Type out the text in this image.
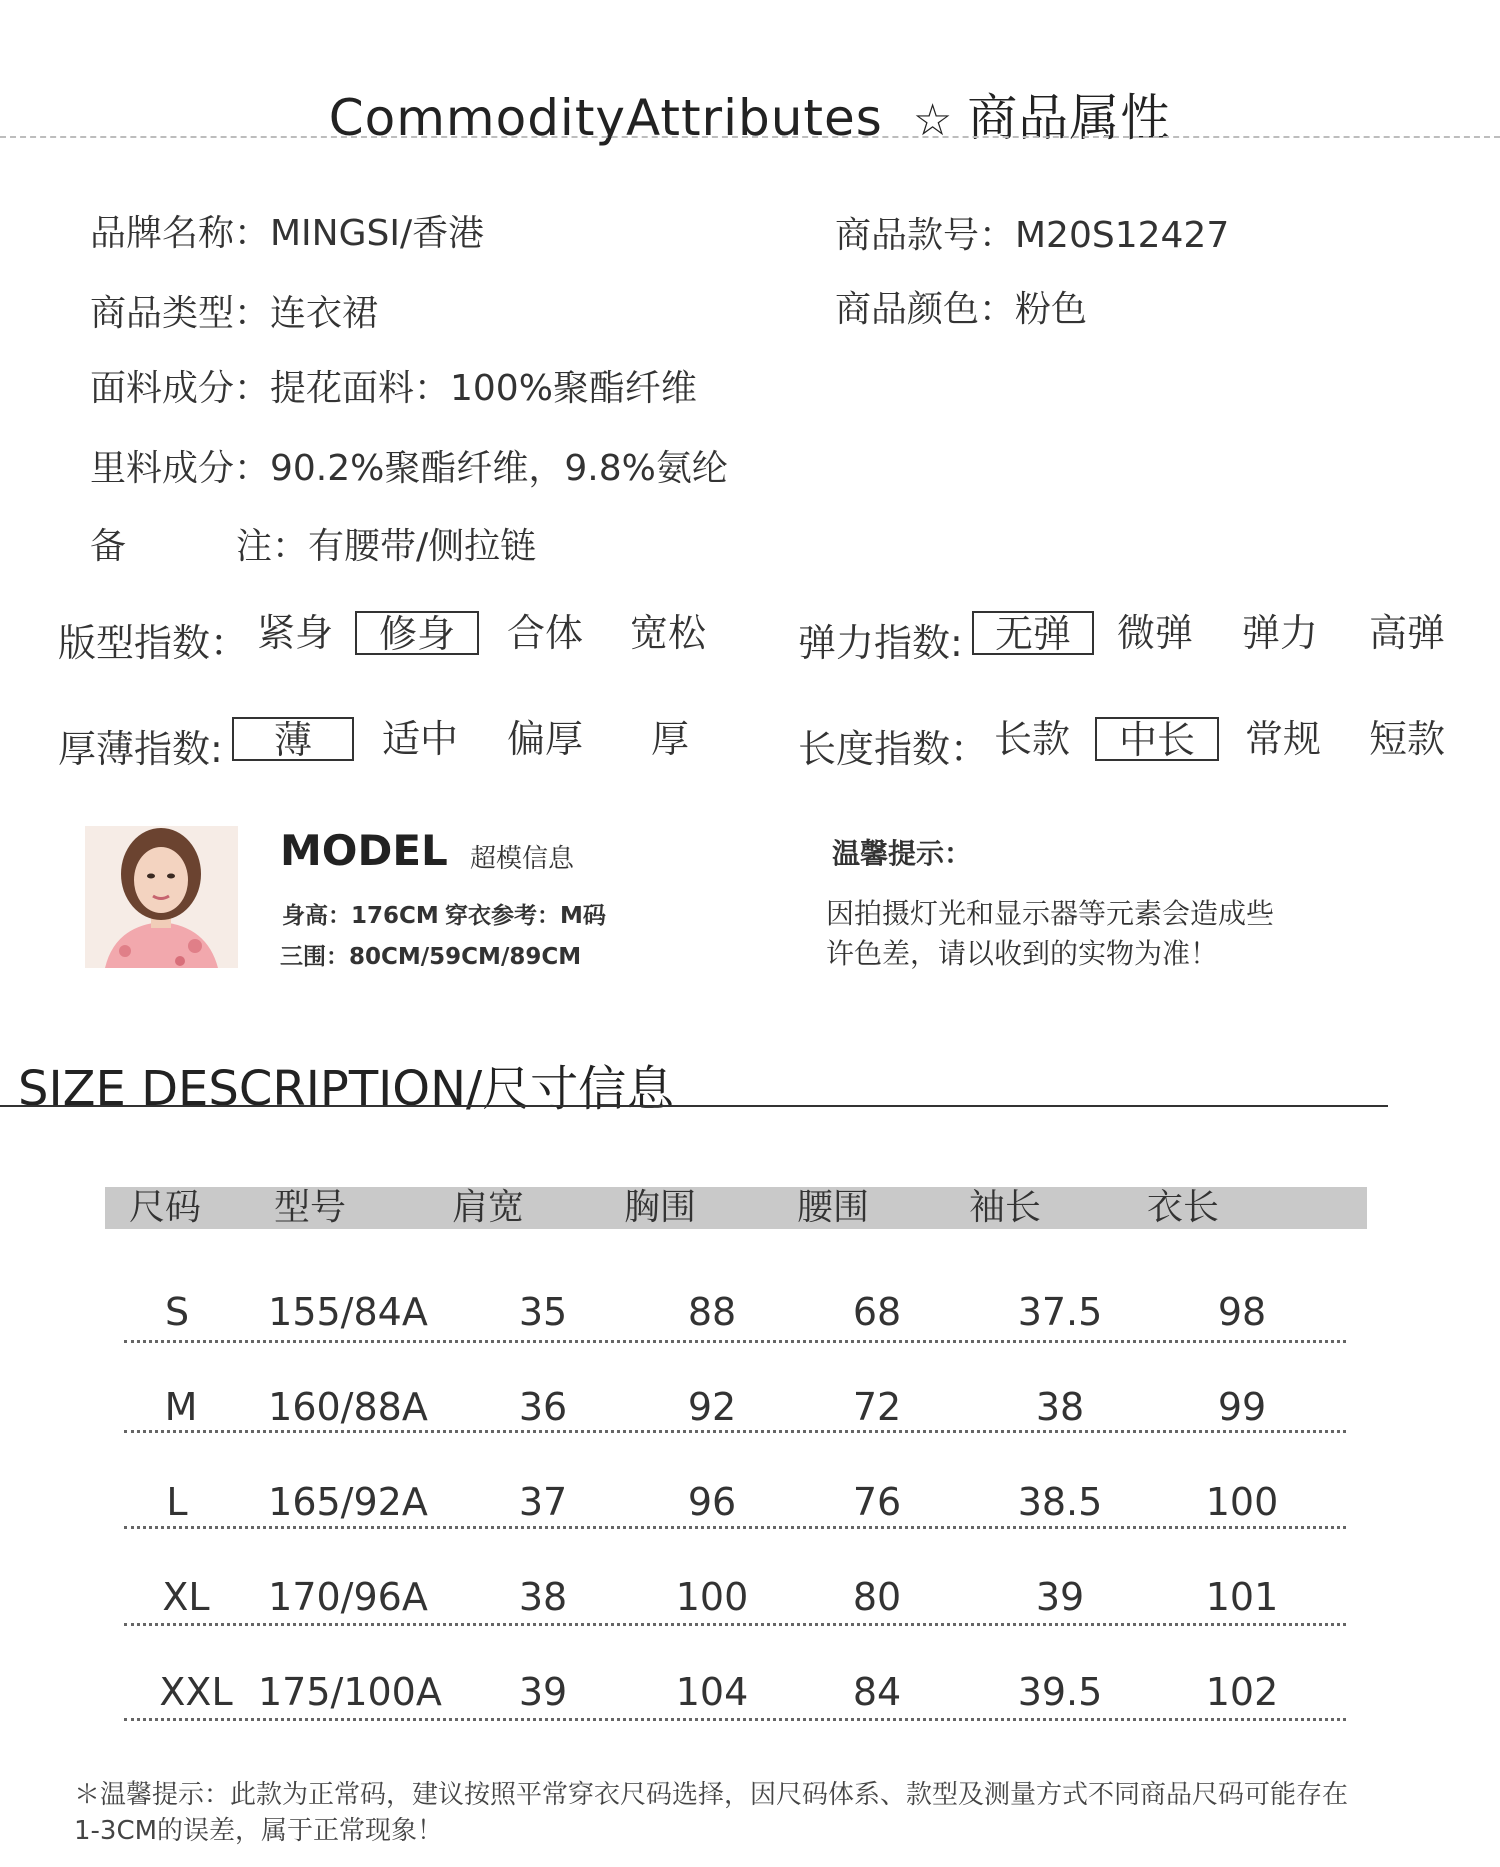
CommodityAttributes ☆ 商品属性
品牌名称：MINGSI/香港	商品款号：M20S12427
商品类型：连衣裙	商品颜色：粉色
面料成分：提花面料：100%聚酯纤维
里料成分：90.2%聚酯纤维，9.8%氨纶
备	注：有腰带/侧拉链
版型指数： 紧身	修身	合体 宽松 弹力指数: 无弹	微弹 弹力 高弹
厚薄指数:	薄	适中 偏厚	厚	长度指数： 长款	中长	常规 短款
MODEL 超模信息
身高：176CM 穿衣参考：M码
三围：80CM/59CM/89CM
温馨提示：
因拍摄灯光和显示器等元素会造成些
许色差，请以收到的实物为准！
SIZE DESCRIPTION/尺寸信息
尺码	型号	肩宽	胸围	腰围	袖长	衣长
S	155/84A	35	88	68	37.5	98
M	160/88A	36	92	72	38	99
L	165/92A	37	96	76	38.5	100
XL	170/96A	38	100	80	39	101
XXL 175/100A	39	104	84	39.5	102
＊温馨提示：此款为正常码，建议按照平常穿衣尺码选择，因尺码体系、款型及测量方式不同商品尺码可能存在
1-3CM的误差，属于正常现象！
